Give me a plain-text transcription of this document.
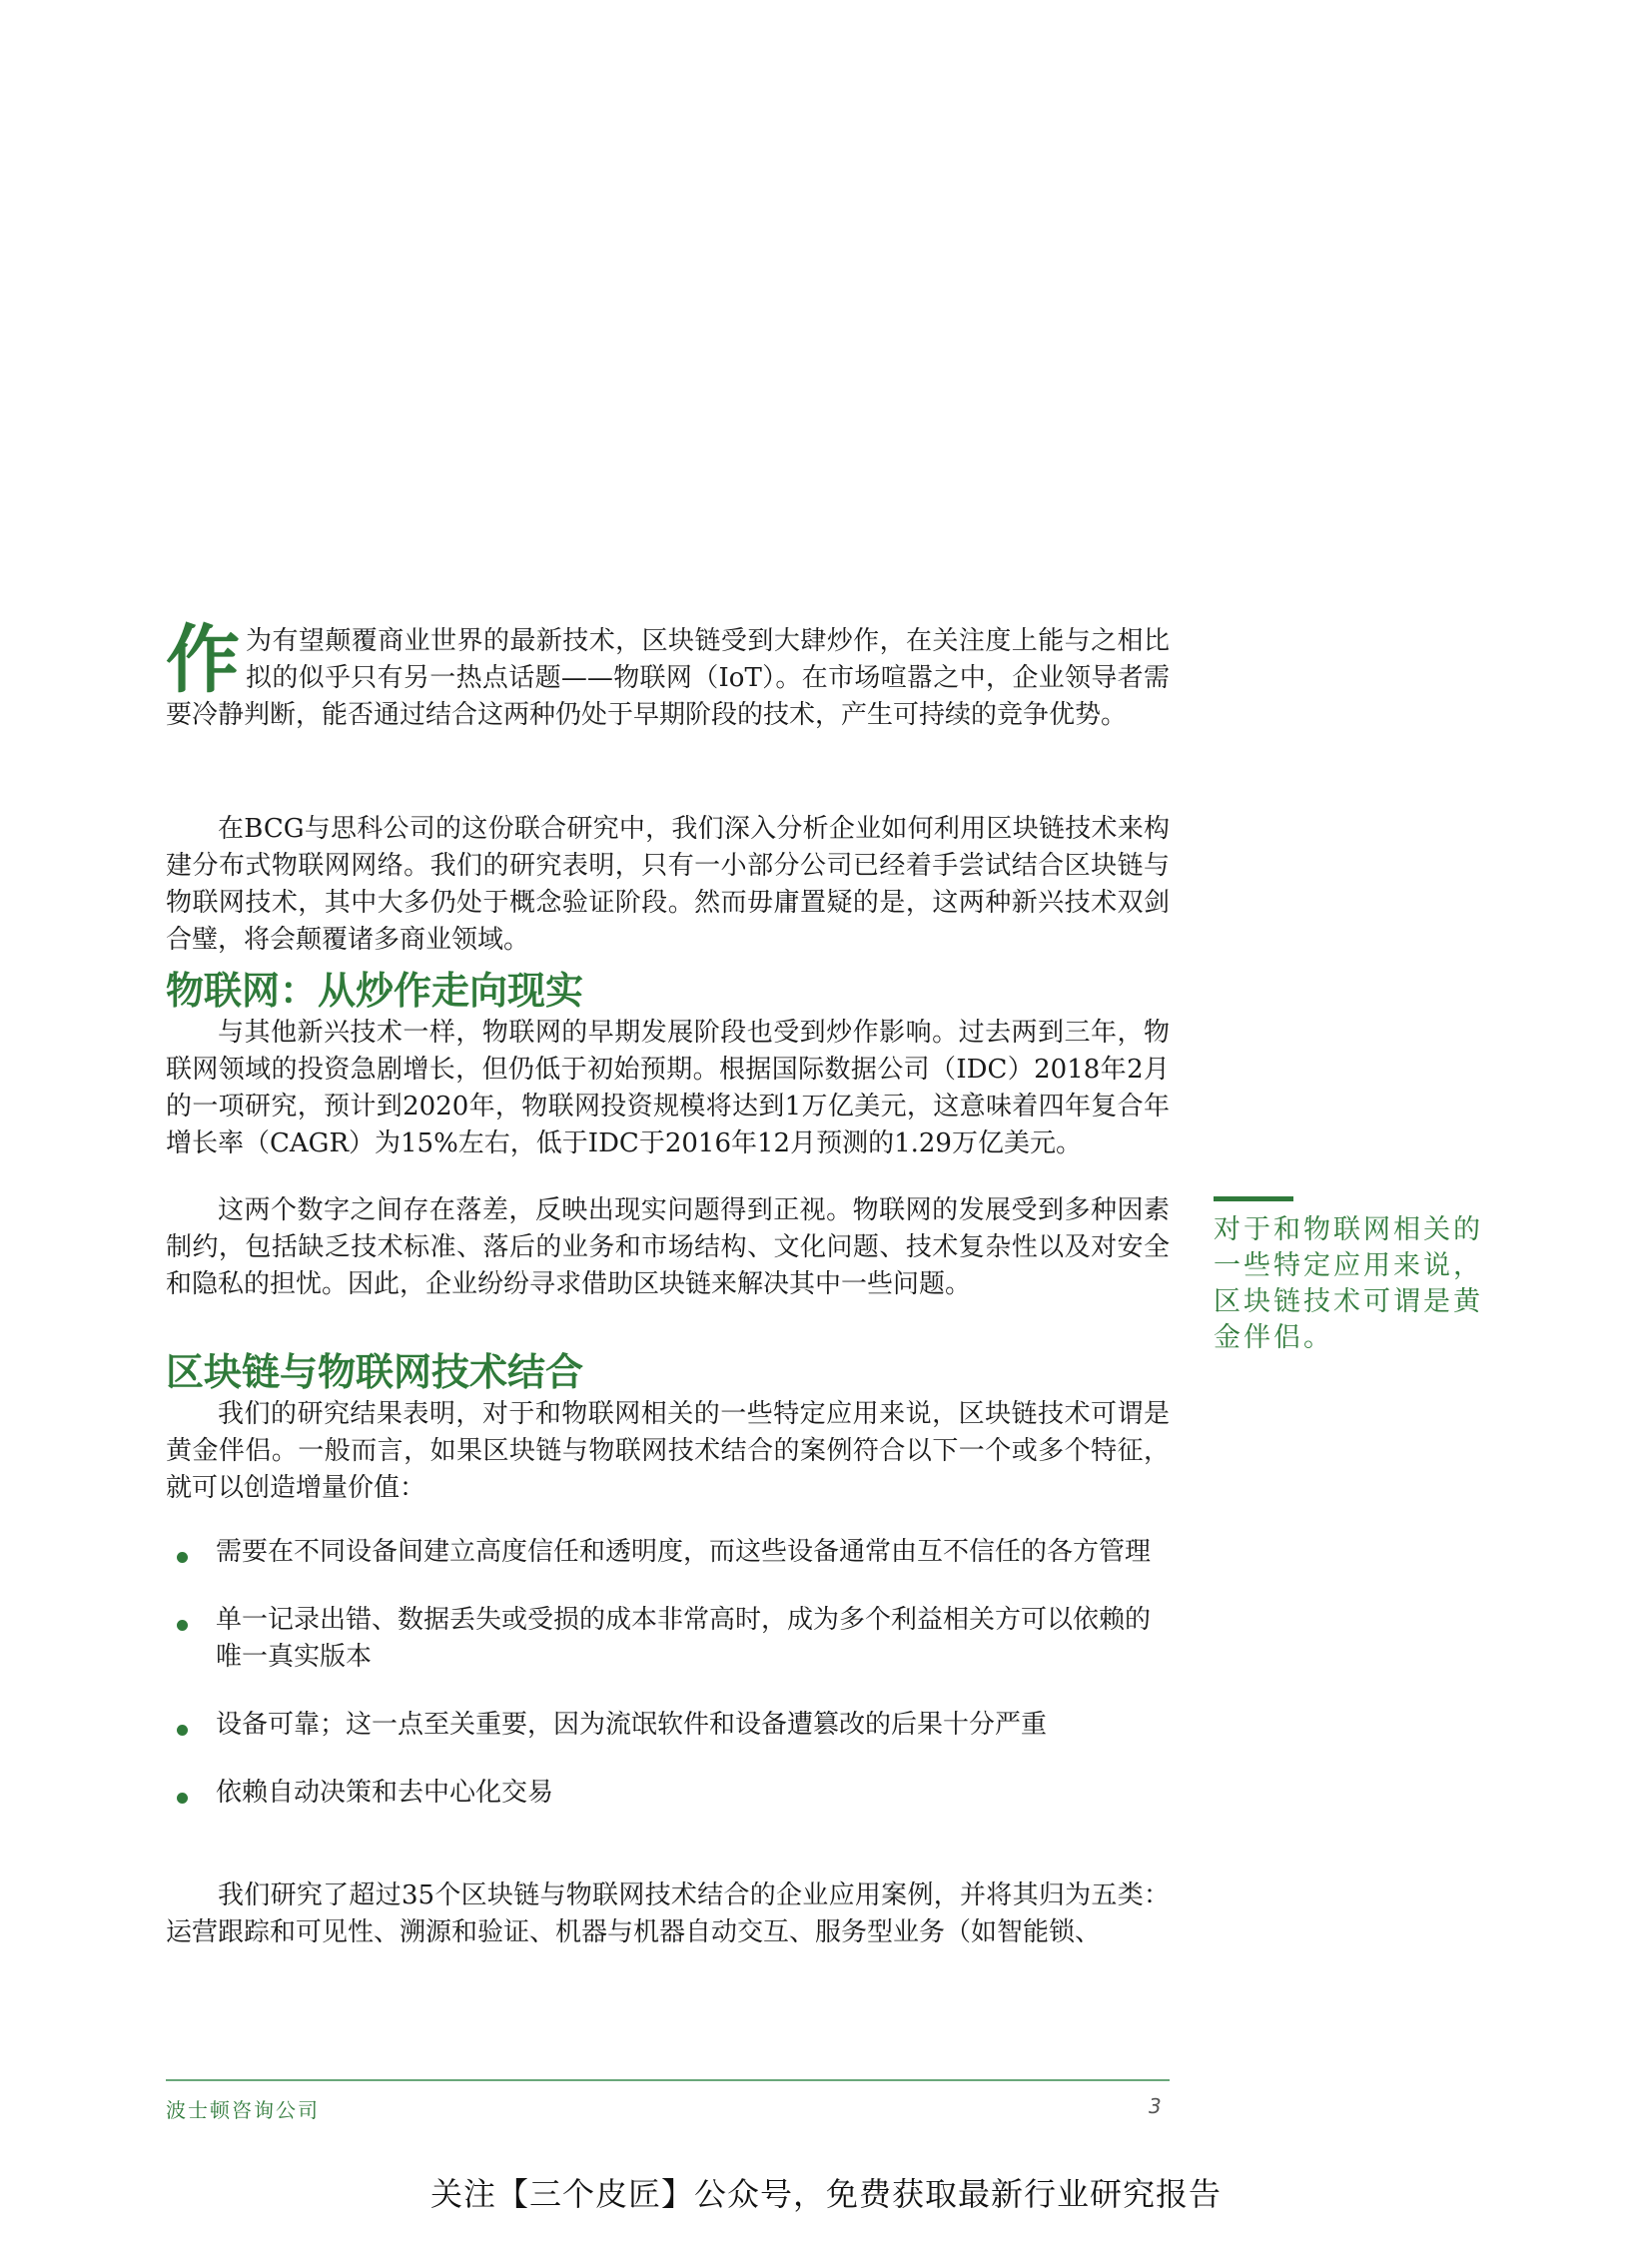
作为有望颠覆商业世界的最新技术，区块链受到大肆炒作，在关注度上能与之相比拟的似乎只有另一热点话题——物联网（IoT）。在市场喧嚣之中，企业领导者需要冷静判断，能否通过结合这两种仍处于早期阶段的技术，产生可持续的竞争优势。

在BCG与思科公司的这份联合研究中，我们深入分析企业如何利用区块链技术来构建分布式物联网网络。我们的研究表明，只有一小部分公司已经着手尝试结合区块链与物联网技术，其中大多仍处于概念验证阶段。然而毋庸置疑的是，这两种新兴技术双剑合璧，将会颠覆诸多商业领域。

物联网：从炒作走向现实

与其他新兴技术一样，物联网的早期发展阶段也受到炒作影响。过去两到三年，物联网领域的投资急剧增长，但仍低于初始预期。根据国际数据公司（IDC）2018年2月的一项研究，预计到2020年，物联网投资规模将达到1万亿美元，这意味着四年复合年增长率（CAGR）为15%左右，低于IDC于2016年12月预测的1.29万亿美元。

这两个数字之间存在落差，反映出现实问题得到正视。物联网的发展受到多种因素制约，包括缺乏技术标准、落后的业务和市场结构、文化问题、技术复杂性以及对安全和隐私的担忧。因此，企业纷纷寻求借助区块链来解决其中一些问题。

对于和物联网相关的一些特定应用来说，区块链技术可谓是黄金伴侣。
区块链与物联网技术结合

我们的研究结果表明，对于和物联网相关的一些特定应用来说，区块链技术可谓是黄金伴侣。一般而言，如果区块链与物联网技术结合的案例符合以下一个或多个特征，就可以创造增量价值：

需要在不同设备间建立高度信任和透明度，而这些设备通常由互不信任的各方管理
单一记录出错、数据丢失或受损的成本非常高时，成为多个利益相关方可以依赖的唯一真实版本
设备可靠；这一点至关重要，因为流氓软件和设备遭篡改的后果十分严重
依赖自动决策和去中心化交易

我们研究了超过35个区块链与物联网技术结合的企业应用案例，并将其归为五类：运营跟踪和可见性、溯源和验证、机器与机器自动交互、服务型业务（如智能锁、

波士顿咨询公司	3
关注【三个皮匠】公众号，免费获取最新行业研究报告
